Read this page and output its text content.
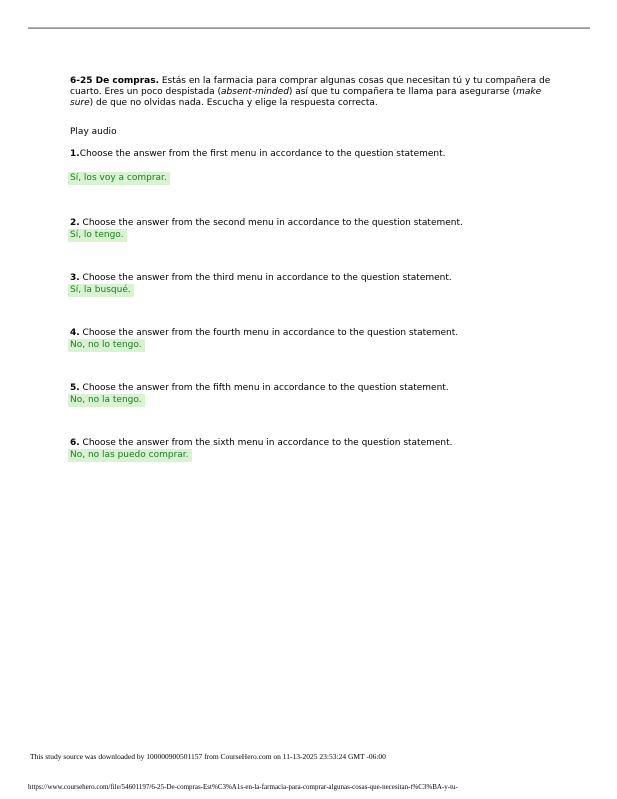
6-25 De compras. Estás en la farmacia para comprar algunas cosas que necesitan tú y tu compañera de cuarto. Eres un poco despistada (absent-minded) así que tu compañera te llama para asegurarse (make sure) de que no olvidas nada. Escucha y elige la respuesta correcta.

Play audio

1.Choose the answer from the first menu in accordance to the question statement.

Sí, los voy a comprar.

2. Choose the answer from the second menu in accordance to the question statement.

Sí, lo tengo.

3. Choose the answer from the third menu in accordance to the question statement.

Sí, la busqué.

4. Choose the answer from the fourth menu in accordance to the question statement.

No, no lo tengo.

5. Choose the answer from the fifth menu in accordance to the question statement.

No, no la tengo.

6. Choose the answer from the sixth menu in accordance to the question statement.

No, no las puedo comprar.

This study source was downloaded by 100000900501157 from CourseHero.com on 11-13-2025 23:53:24 GMT -06:00
https://www.coursehero.com/file/54601197/6-25-De-compras-Est%C3%A1s-en-la-farmacia-para-comprar-algunas-cosas-que-necesitan-t%C3%BA-y-tu-
